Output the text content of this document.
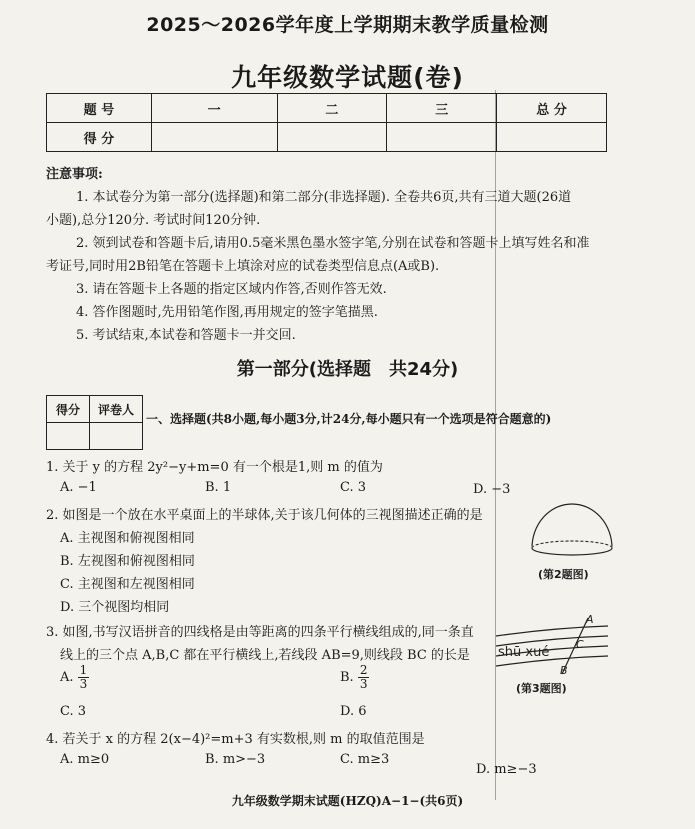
2025～2026学年度上学期期末教学质量检测
九年级数学试题(卷)
题 号	一	二	三	总 分
得 分				
注意事项:
1. 本试卷分为第一部分(选择题)和第二部分(非选择题). 全卷共6页,共有三道大题(26道
小题),总分120分. 考试时间120分钟.
2. 领到试卷和答题卡后,请用0.5毫米黑色墨水签字笔,分别在试卷和答题卡上填写姓名和准
考证号,同时用2B铅笔在答题卡上填涂对应的试卷类型信息点(A或B).
3. 请在答题卡上各题的指定区域内作答,否则作答无效.
4. 答作图题时,先用铅笔作图,再用规定的签字笔描黑.
5. 考试结束,本试卷和答题卡一并交回.
第一部分(选择题　共24分)
得分	评卷人

一、选择题(共8小题,每小题3分,计24分,每小题只有一个选项是符合题意的)
1. 关于 y 的方程 2y²−y+m=0 有一个根是1,则 m 的值为
A. −1	B. 1	C. 3	D. −3
2. 如图是一个放在水平桌面上的半球体,关于该几何体的三视图描述正确的是
A. 主视图和俯视图相同
B. 左视图和俯视图相同
C. 主视图和左视图相同
D. 三个视图均相同
(第2题图)
3. 如图,书写汉语拼音的四线格是由等距离的四条平行横线组成的,同一条直
线上的三个点 A,B,C 都在平行横线上,若线段 AB=9,则线段 BC 的长是
A. $\frac{1}{3}$	B. $\frac{2}{3}$
C. 3	D. 6
shū xué
A
C
B
(第3题图)
4. 若关于 x 的方程 2(x−4)²=m+3 有实数根,则 m 的取值范围是
A. m≥0	B. m>−3	C. m≥3
D. m≥−3
九年级数学期末试题(HZQ)A−1−(共6页)
